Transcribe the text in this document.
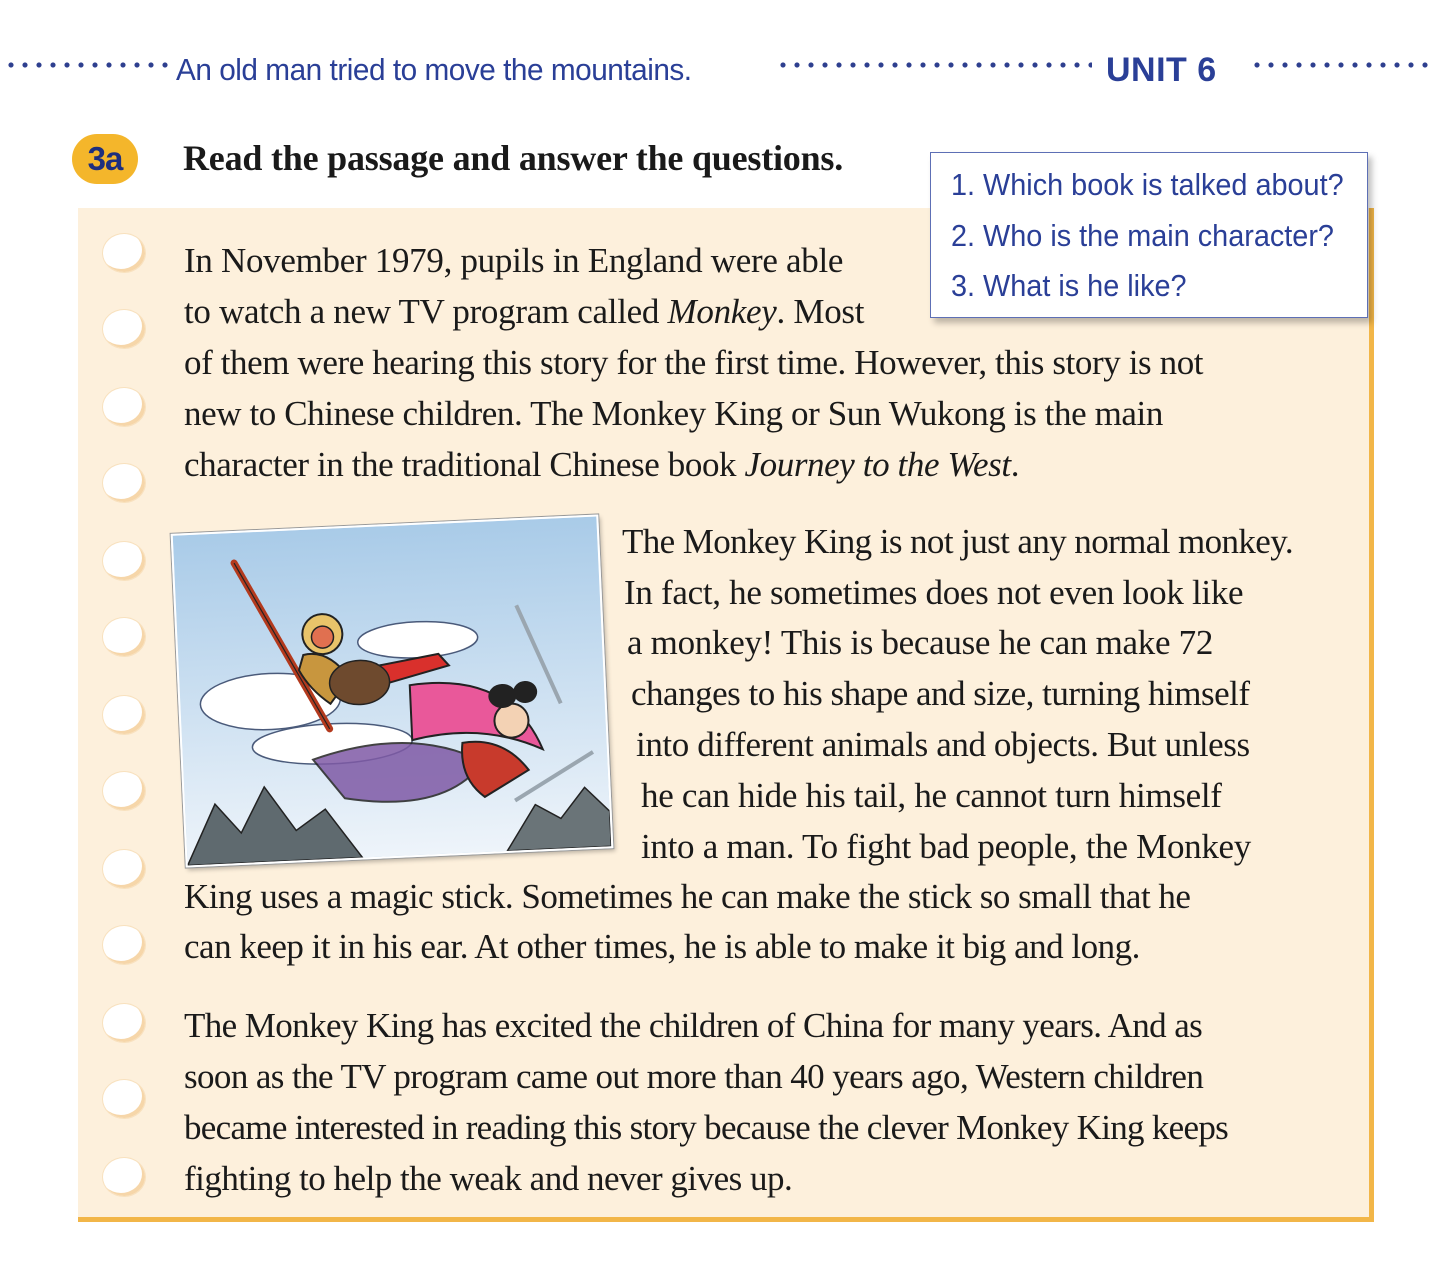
An old man tried to move the mountains.	UNIT 6
3a	Read the passage and answer the questions.
1. Which book is talked about?
2. Who is the main character?
3. What is he like?
In November 1979, pupils in England were able
to watch a new TV program called Monkey. Most
of them were hearing this story for the first time. However, this story is not
new to Chinese children. The Monkey King or Sun Wukong is the main
character in the traditional Chinese book Journey to the West.
The Monkey King is not just any normal monkey.
In fact, he sometimes does not even look like
a monkey! This is because he can make 72
changes to his shape and size, turning himself
into different animals and objects. But unless
he can hide his tail, he cannot turn himself
into a man. To fight bad people, the Monkey
King uses a magic stick. Sometimes he can make the stick so small that he
can keep it in his ear. At other times, he is able to make it big and long.
The Monkey King has excited the children of China for many years. And as
soon as the TV program came out more than 40 years ago, Western children
became interested in reading this story because the clever Monkey King keeps
fighting to help the weak and never gives up.
